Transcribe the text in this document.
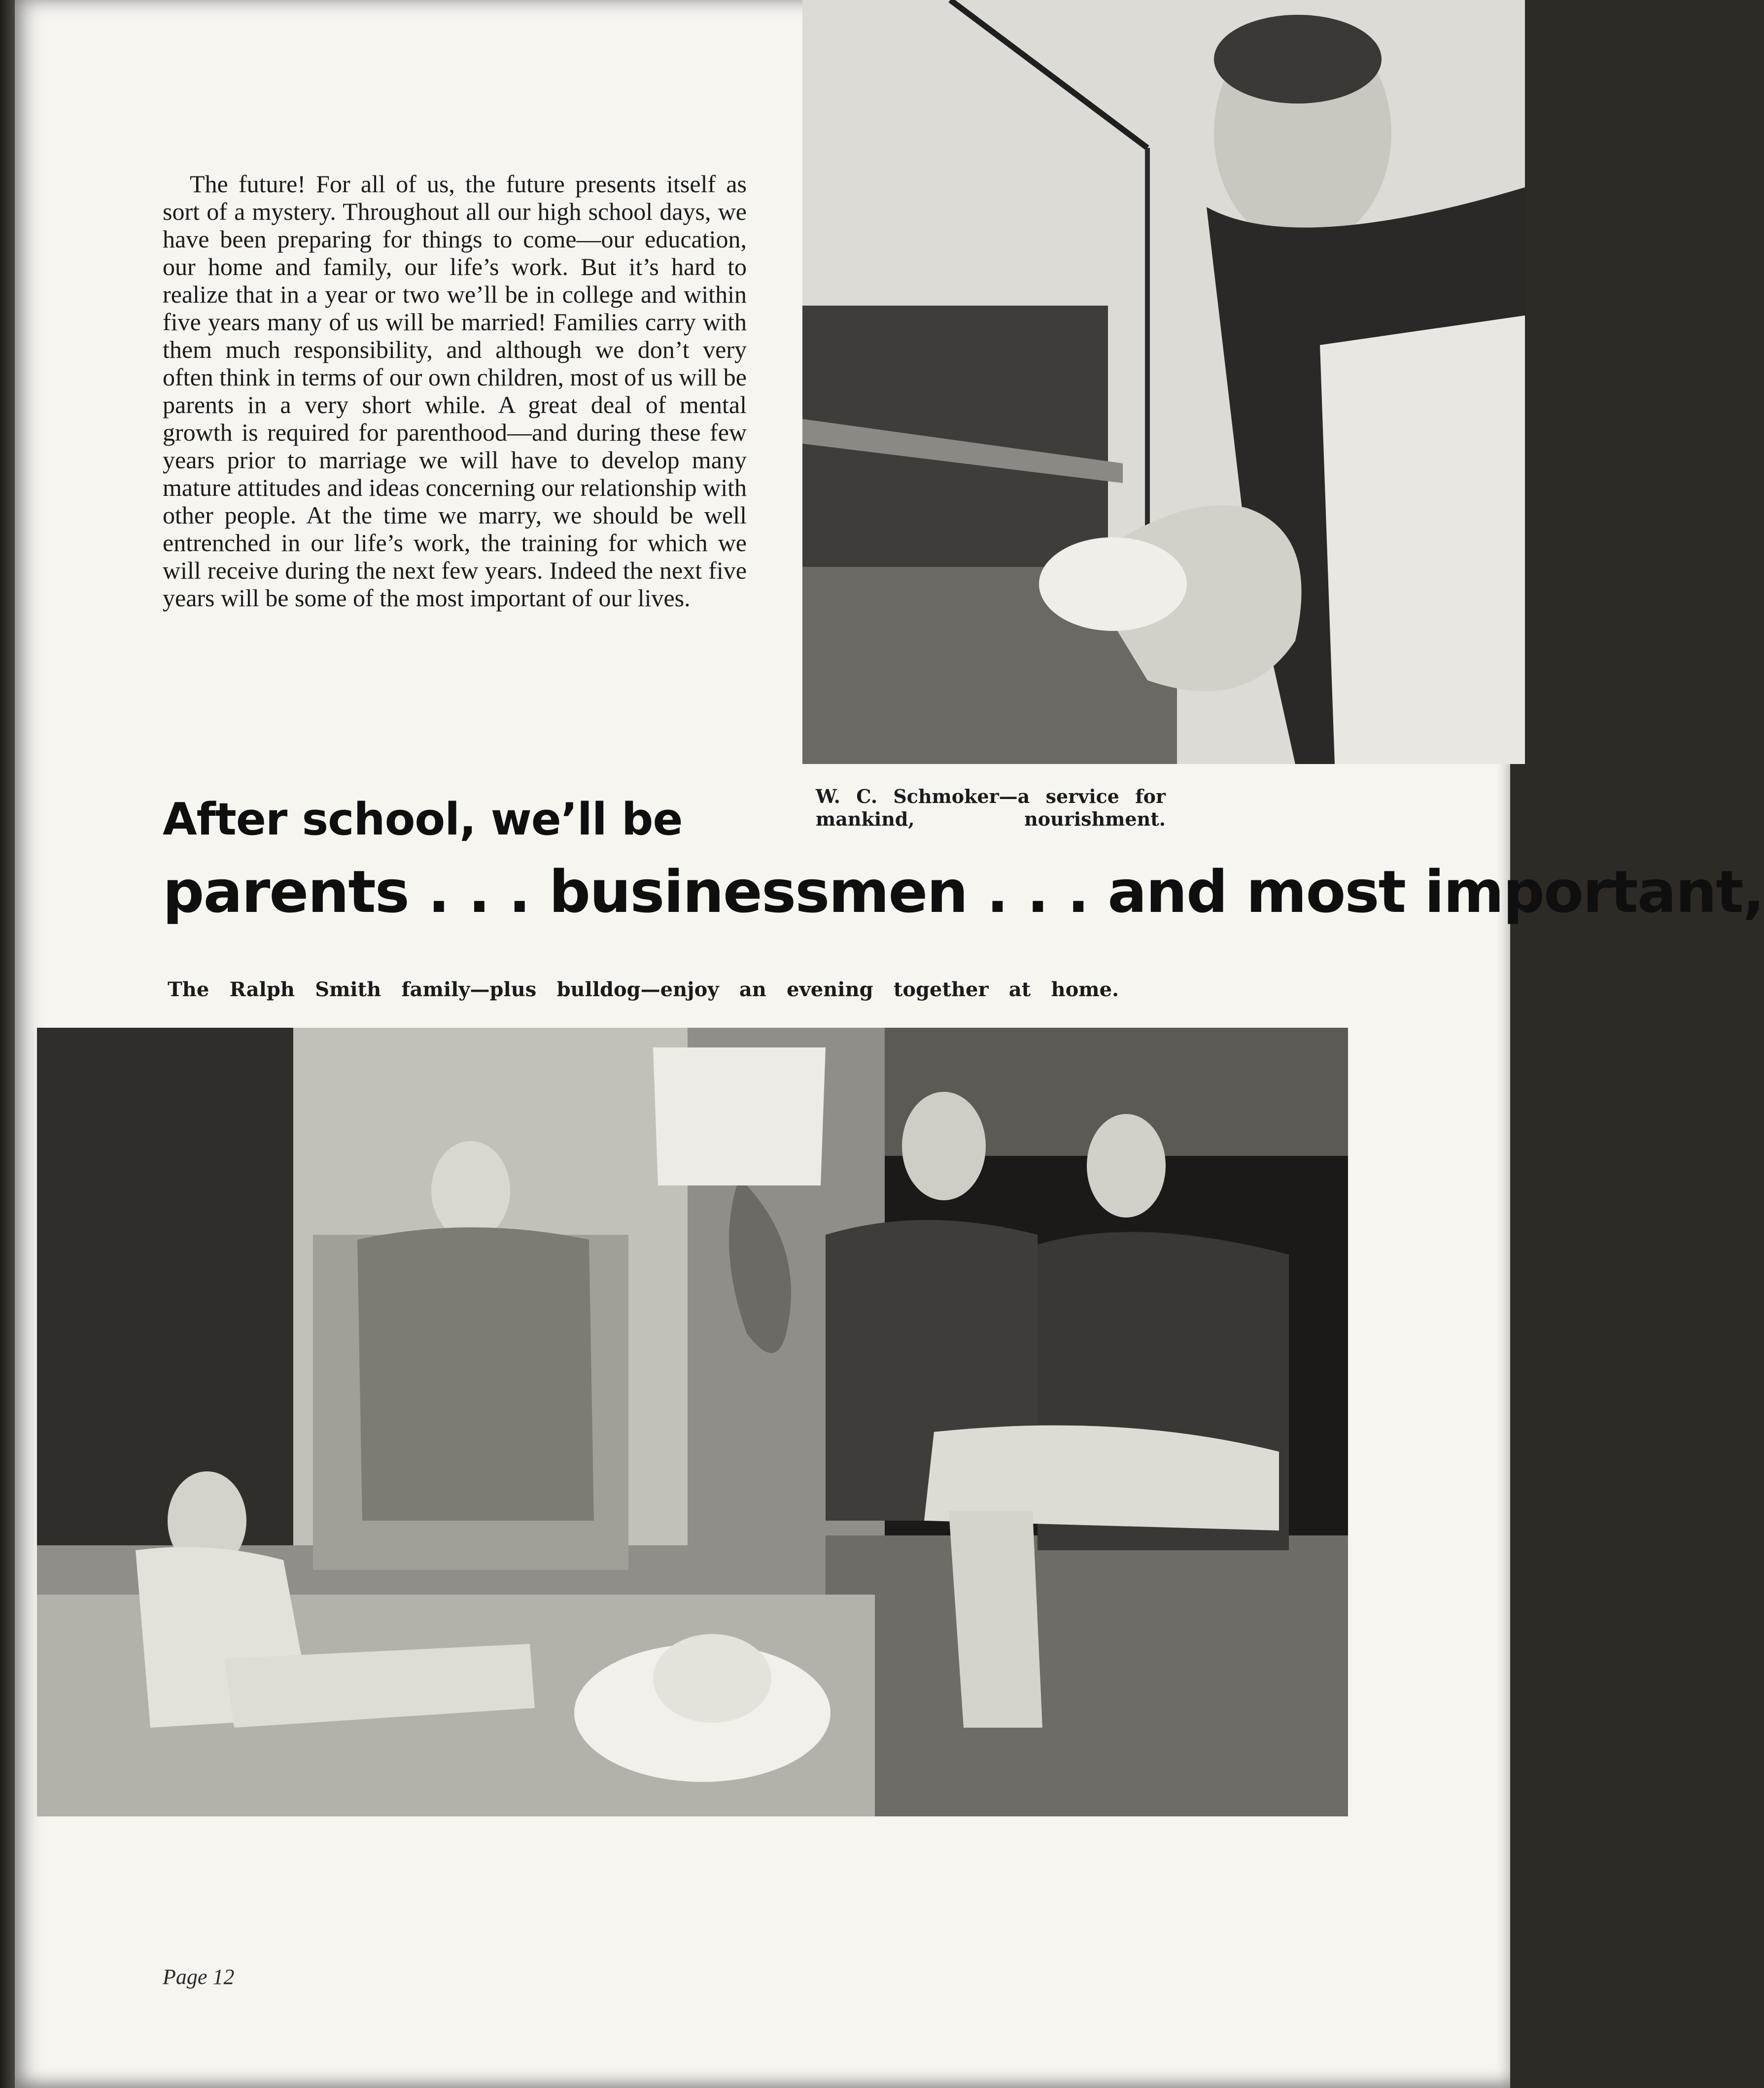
The future! For all of us, the future presents itself as sort of a mystery. Throughout all our high school days, we have been preparing for things to come—our education, our home and family, our life’s work. But it’s hard to realize that in a year or two we’ll be in college and within five years many of us will be married! Families carry with them much responsibility, and although we don’t very often think in terms of our own children, most of us will be parents in a very short while. A great deal of mental growth is required for parenthood—and during these few years prior to marriage we will have to develop many mature attitudes and ideas concerning our relationship with other people. At the time we marry, we should be well entrenched in our life’s work, the training for which we will receive during the next few years. Indeed the next five years will be some of the most important of our lives.

W. C. Schmoker—a service for mankind, nourishment.

After school, we’ll be
parents . . . businessmen . . . and most important,

The Ralph Smith family—plus bulldog—enjoy an evening together at home.

Page 12
